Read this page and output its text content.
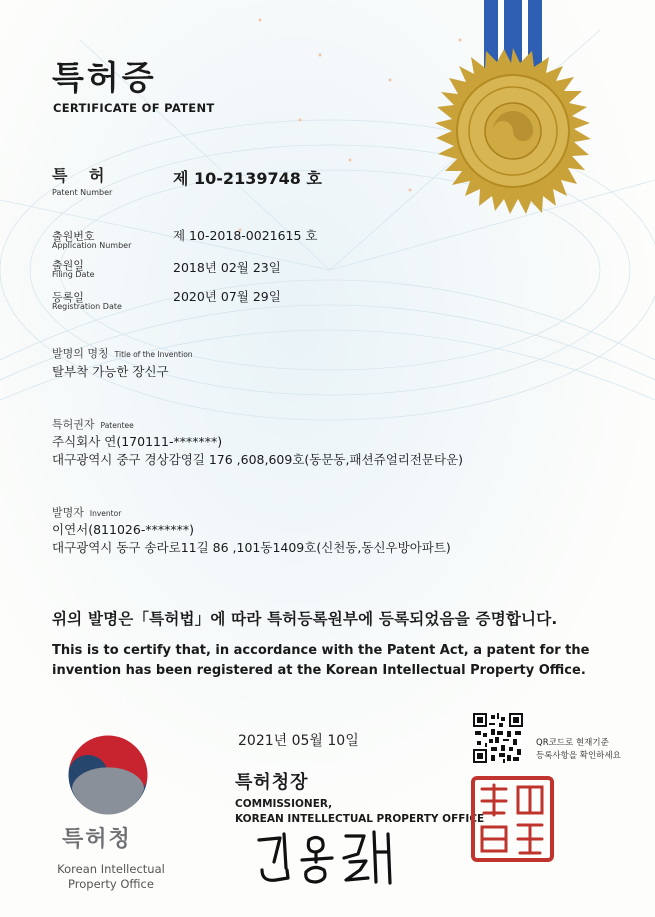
특허증
CERTIFICATE OF PATENT
특 허
Patent Number
제 10-2139748 호
출원번호
Application Number
제 10-2018-0021615 호
출원일
Filing Date	2018년 02월 23일
등록일
Registration Date
2020년 07월 29일
발명의 명칭 Title of the Invention
탈부착 가능한 장신구
특허권자 Patentee
주식회사 연(170111-*******)
대구광역시 중구 경상감영길 176 ,608,609호(동문동,패션쥬얼리전문타운)
발명자 Inventor
이연서(811026-*******)
대구광역시 동구 송라로11길 86 ,101동1409호(신천동,동신우방아파트)
위의 발명은「특허법」에 따라 특허등록원부에 등록되었음을 증명합니다.
This is to certify that, in accordance with the Patent Act, a patent for the
invention has been registered at the Korean Intellectual Property Office.
2021년 05월 10일	QR코드로 현재기준
등록사항을 확인하세요
특허청장
COMMISSIONER,
KOREAN INTELLECTUAL PROPERTY OFFICE
특허청
Korean Intellectual
Property Office
